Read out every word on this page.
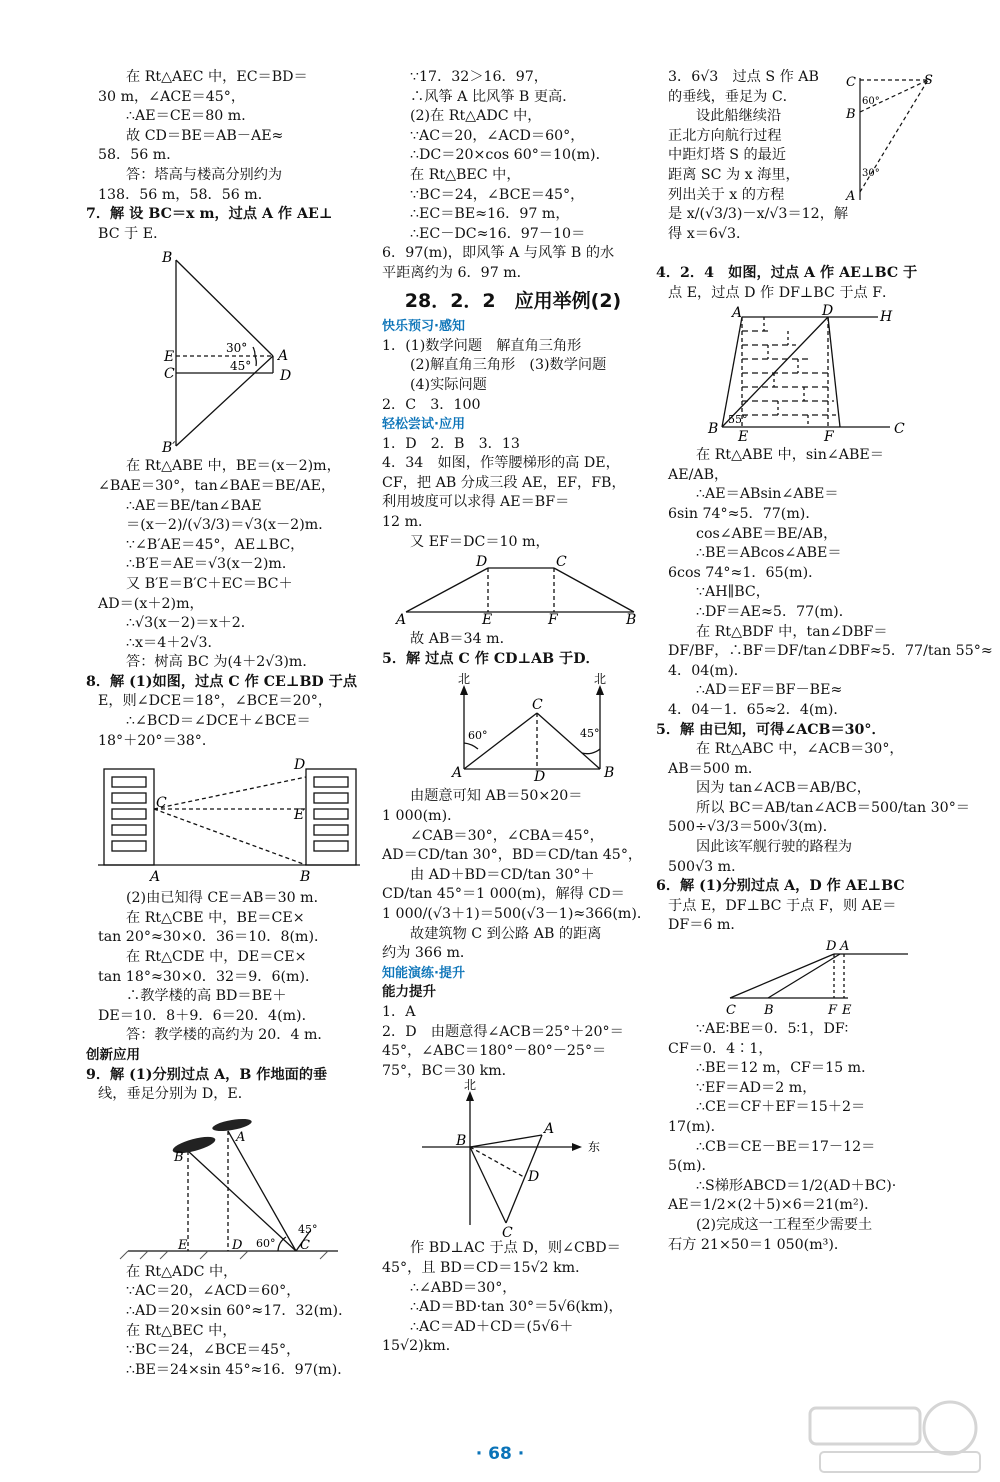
在 Rt△AEC 中，EC＝BD＝
30 m，∠ACE＝45°，
∴AE＝CE＝80 m．
故 CD＝BE＝AB－AE≈
58．56 m．
答：塔高与楼高分别约为
138．56 m，58．56 m．
7．解 设 BC＝x m，过点 A 作 AE⊥
BC 于 E．
B
E
C
A
D
B′
30°
45°
在 Rt△ABE 中，BE＝(x－2)m，
∠BAE＝30°，tan∠BAE＝BE/AE，
∴AE＝BE/tan∠BAE
＝(x－2)/(√3/3)＝√3(x－2)m．
∵∠B′AE＝45°，AE⊥BC，
∴B′E＝AE＝√3(x－2)m．
又 B′E＝B′C＋EC＝BC＋
AD＝(x＋2)m，
∴√3(x－2)＝x＋2．
∴x＝4＋2√3．
答：树高 BC 为(4＋2√3)m．
8．解 (1)如图，过点 C 作 CE⊥BD 于点
E，则∠DCE＝18°，∠BCE＝20°，
∴∠BCD＝∠DCE＋∠BCE＝
18°＋20°＝38°．
C
D
E
A	B
(2)由已知得 CE＝AB＝30 m．
在 Rt△CBE 中，BE＝CE×
tan 20°≈30×0．36＝10．8(m)．
在 Rt△CDE 中，DE＝CE×
tan 18°≈30×0．32＝9．6(m)．
∴教学楼的高 BD＝BE＋
DE＝10．8＋9．6＝20．4(m)．
答：教学楼的高约为 20．4 m．
创新应用
9．解 (1)分别过点 A，B 作地面的垂
线，垂足分别为 D，E．
B
A
E	D	C
60°
45°
在 Rt△ADC 中，
∵AC＝20，∠ACD＝60°，
∴AD＝20×sin 60°≈17．32(m)．
在 Rt△BEC 中，
∵BC＝24，∠BCE＝45°，
∴BE＝24×sin 45°≈16．97(m)．
∵17．32＞16．97，
∴风筝 A 比风筝 B 更高．
(2)在 Rt△ADC 中，
∵AC＝20，∠ACD＝60°，
∴DC＝20×cos 60°＝10(m)．
在 Rt△BEC 中，
∵BC＝24，∠BCE＝45°，
∴EC＝BE≈16．97 m，
∴EC－DC≈16．97－10＝
6．97(m)，即风筝 A 与风筝 B 的水
平距离约为 6．97 m．
28．2．2　应用举例(2)
快乐预习·感知
1．(1)数学问题　解直角三角形
(2)解直角三角形　(3)数学问题
(4)实际问题
2．C　3．100
轻松尝试·应用
1．D　2．B　3．13
4．34　如图，作等腰梯形的高 DE，
CF，把 AB 分成三段 AE，EF，FB，
利用坡度可以求得 AE＝BF＝
12 m．
又 EF＝DC＝10 m，
D	C
A	E	F	B
故 AB＝34 m．
5．解 过点 C 作 CD⊥AB 于D．
北	北
C
A	D	B
60°	45°
由题意可知 AB＝50×20＝
1 000(m)．
∠CAB＝30°，∠CBA＝45°，
AD＝CD/tan 30°，BD＝CD/tan 45°，
由 AD＋BD＝CD/tan 30°＋
CD/tan 45°＝1 000(m)，解得 CD＝
1 000/(√3＋1)＝500(√3－1)≈366(m)．
故建筑物 C 到公路 AB 的距离
约为 366 m．
知能演练·提升
能力提升
1．A
2．D　由题意得∠ACB＝25°＋20°＝
45°，∠ABC＝180°－80°－25°＝
75°，BC＝30 km．
北
东
B
A
D
C
作 BD⊥AC 于点 D，则∠CBD＝
45°，且 BD＝CD＝15√2 km．
∴∠ABD＝30°，
∴AD＝BD·tan 30°＝5√6(km)，
∴AC＝AD＋CD＝(5√6＋
15√2)km．
3．6√3　过点 S 作 AB
的垂线，垂足为 C．
设此船继续沿
正北方向航行过程
中距灯塔 S 的最近
距离 SC 为 x 海里，
列出关于 x 的方程
是 x/(√3/3)－x/√3＝12，解
得 x＝6√3．
C	S
B
A
60°
30°
4．2．4　如图，过点 A 作 AE⊥BC 于
点 E，过点 D 作 DF⊥BC 于点 F．
A	D	H
B E	F	C
55°
在 Rt△ABE 中，sin∠ABE＝
AE/AB，
∴AE＝ABsin∠ABE＝
6sin 74°≈5．77(m)．
cos∠ABE＝BE/AB，
∴BE＝ABcos∠ABE＝
6cos 74°≈1．65(m)．
∵AH∥BC，
∴DF＝AE≈5．77(m)．
在 Rt△BDF 中，tan∠DBF＝
DF/BF，∴BF＝DF/tan∠DBF≈5．77/tan 55°≈
4．04(m)．
∴AD＝EF＝BF－BE≈
4．04－1．65≈2．4(m)．
5．解 由已知，可得∠ACB＝30°．
在 Rt△ABC 中，∠ACB＝30°，
AB＝500 m．
因为 tan∠ACB＝AB/BC，
所以 BC＝AB/tan∠ACB＝500/tan 30°＝
500÷√3/3＝500√3(m)．
因此该军舰行驶的路程为
500√3 m．
6．解 (1)分别过点 A，D 作 AE⊥BC
于点 E，DF⊥BC 于点 F，则 AE＝
DF＝6 m．
D A
C B	F E
∵AE∶BE＝0．5∶1，DF∶
CF＝0．4∶1，
∴BE＝12 m，CF＝15 m．
∵EF＝AD＝2 m，
∴CE＝CF＋EF＝15＋2＝
17(m)．
∴CB＝CE－BE＝17－12＝
5(m)．
∴S梯形ABCD＝1/2(AD＋BC)·
AE＝1/2×(2＋5)×6＝21(m²)．
(2)完成这一工程至少需要土
石方 21×50＝1 050(m³)．
· 68 ·
